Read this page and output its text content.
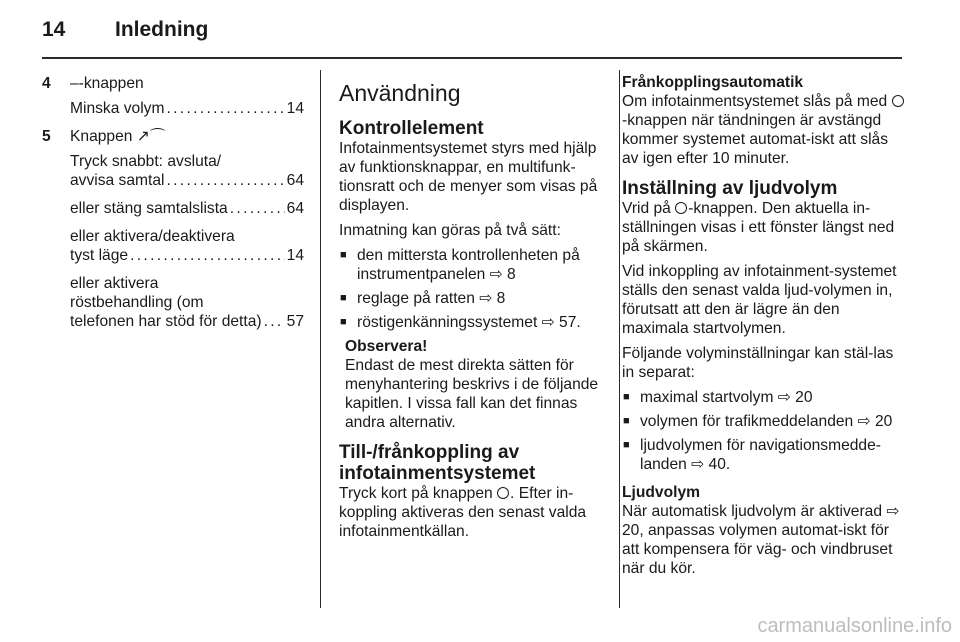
14 Inledning
4	–-knappen
Minska volym . . .	14
5	Knappen ↗⌒
Tryck snabbt: avsluta/
avvisa samtal . . .	64
eller stäng samtalslista . . .	64
eller aktivera/deaktivera
tyst läge . . .	14
eller aktivera
röstbehandling (om
telefonen har stöd för detta) . . . 57
Användning
Kontrollelement

Infotainmentsystemet styrs med hjälp av funktionsknappar, en multifunk-tionsratt och de menyer som visas på displayen.

Inmatning kan göras på två sätt:

■ den mittersta kontrollenheten på instrumentpanelen ⇨ 8
■ reglage på ratten ⇨ 8
■ röstigenkänningssystemet ⇨ 57.
Observera!
Endast de mest direkta sätten för menyhantering beskrivs i de följande kapitlen. I vissa fall kan det finnas andra alternativ.
Till-/frånkoppling av infotainmentsystemet

Tryck kort på knappen . Efter in-koppling aktiveras den senast valda infotainmentkällan.

Frånkopplingsautomatik

Om infotainmentsystemet slås på med -knappen när tändningen är avstängd kommer systemet automat-iskt att slås av igen efter 10 minuter.

Inställning av ljudvolym

Vrid på -knappen. Den aktuella in-ställningen visas i ett fönster längst ned på skärmen.

Vid inkoppling av infotainment-systemet ställs den senast valda ljud-volymen in, förutsatt att den är lägre än den maximala startvolymen.

Följande volyminställningar kan stäl-las in separat:

■ maximal startvolym ⇨ 20
■ volymen för trafikmeddelanden ⇨ 20
■ ljudvolymen för navigationsmedde-landen ⇨ 40.
Ljudvolym

När automatisk ljudvolym är aktiverad ⇨ 20, anpassas volymen automat-iskt för att kompensera för väg- och vindbruset när du kör.

carmanualsonline.info
